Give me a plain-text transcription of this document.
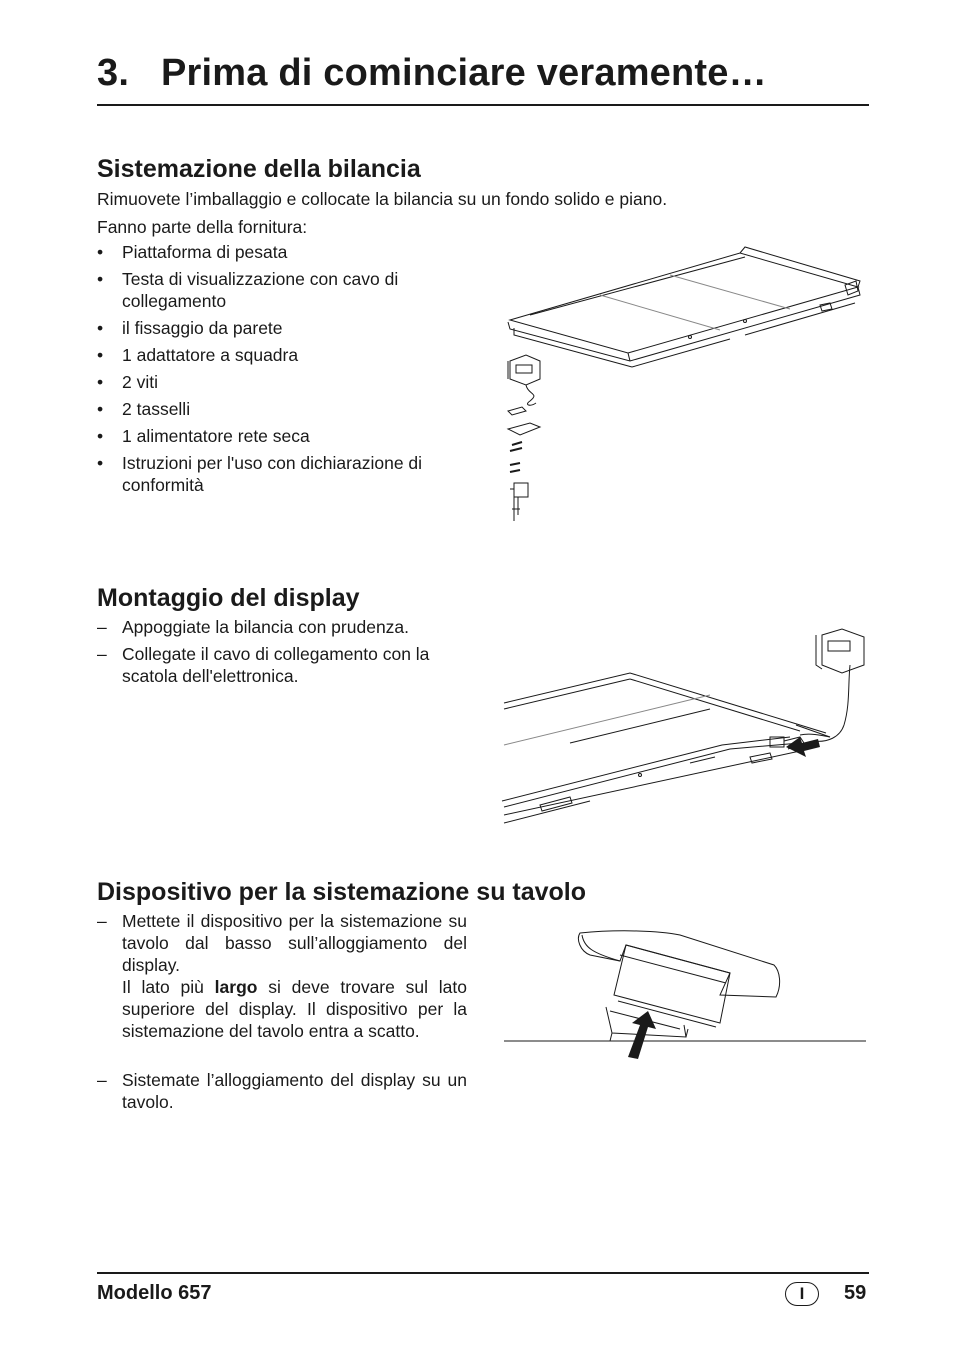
3. Prima di cominciare veramente…
Sistemazione della bilancia

Rimuovete l’imballaggio e collocate la bilancia su un fondo solido e piano.

Fanno parte della fornitura:

•	Piattaforma di pesata
•	Testa di visualizzazione con cavo di collegamento
•	il fissaggio da parete
•	1 adattatore a squadra
•	2 viti
•	2 tasselli
•	1 alimentatore rete seca
•	Istruzioni per l'uso con dichiarazione di conformità
Montaggio del display
– Appoggiate la bilancia con prudenza.
– Collegate il cavo di collegamento con la scatola dell'elettronica.
Dispositivo per la sistemazione su tavolo
– Mettete il dispositivo per la sistemazione su tavolo dal basso sull’alloggiamento del display.
Il lato più largo si deve trovare sul lato superiore del display. Il dispositivo per la sistemazione del tavolo entra a scatto.
– Sistemate l’alloggiamento del display su un tavolo.
Modello 657	I	59
